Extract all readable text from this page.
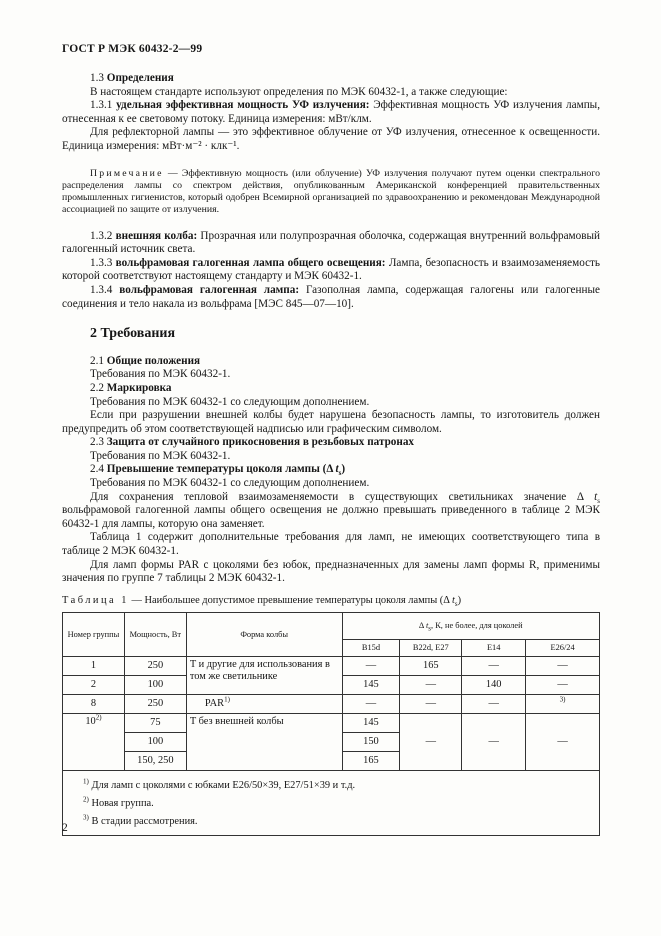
ГОСТ Р МЭК 60432-2—99

1.3 Определения

В настоящем стандарте используют определения по МЭК 60432-1, а также следующие:

1.3.1 удельная эффективная мощность УФ излучения: Эффективная мощность УФ излучения лампы, отнесенная к ее световому потоку. Единица измерения: мВт/клм.

Для рефлекторной лампы — это эффективное облучение от УФ излучения, отнесенное к освещенности. Единица измерения: мВт·м⁻² · клк⁻¹.

Примечание — Эффективную мощность (или облучение) УФ излучения получают путем оценки спектрального распределения лампы со спектром действия, опубликованным Американской конференцией правительственных промышленных гигиенистов, который одобрен Всемирной организацией по здравоохранению и рекомендован Международной ассоциацией по защите от излучения.

1.3.2 внешняя колба: Прозрачная или полупрозрачная оболочка, содержащая внутренний вольфрамовый галогенный источник света.

1.3.3 вольфрамовая галогенная лампа общего освещения: Лампа, безопасность и взаимозаменяемость которой соответствуют настоящему стандарту и МЭК 60432-1.

1.3.4 вольфрамовая галогенная лампа: Газополная лампа, содержащая галогены или галогенные соединения и тело накала из вольфрама [МЭС 845—07—10].

2 Требования

2.1 Общие положения

Требования по МЭК 60432-1.

2.2 Маркировка

Требования по МЭК 60432-1 со следующим дополнением.

Если при разрушении внешней колбы будет нарушена безопасность лампы, то изготовитель должен предупредить об этом соответствующей надписью или графическим символом.

2.3 Защита от случайного прикосновения в резьбовых патронах

Требования по МЭК 60432-1.

2.4 Превышение температуры цоколя лампы (Δ $t_s$)

Требования по МЭК 60432-1 со следующим дополнением.

Для сохранения тепловой взаимозаменяемости в существующих светильниках значение Δ $t_s$ вольфрамовой галогенной лампы общего освещения не должно превышать приведенного в таблице 2 МЭК 60432-1 для лампы, которую она заменяет.

Таблица 1 содержит дополнительные требования для ламп, не имеющих соответствующего типа в таблице 2 МЭК 60432-1.

Для ламп формы PAR с цоколями без юбок, предназначенных для замены ламп формы R, применимы значения по группе 7 таблицы 2 МЭК 60432-1.

Таблица 1 — Наибольшее допустимое превышение температуры цоколя лампы (Δ $t_s$)
Номер группы	Мощность, Вт	Форма колбы	Δ $t_s$, К, не более, для цоколей			
			B15d	B22d, E27	E14	E26/24
1	250	T и другие для использования в том же светильнике	—	165	—	—
2	100		145	—	140	—
8	250	PAR$^{1)}$	—	—	—	$^{3)}$
10$^{2)}$	75	T без внешней колбы	145	—	—	—
	100		150			
	150, 250		165			

$^{1)}$ Для ламп с цоколями с юбками E26/50×39, E27/51×39 и т.д.
$^{2)}$ Новая группа.
$^{3)}$ В стадии рассмотрения.						
2
